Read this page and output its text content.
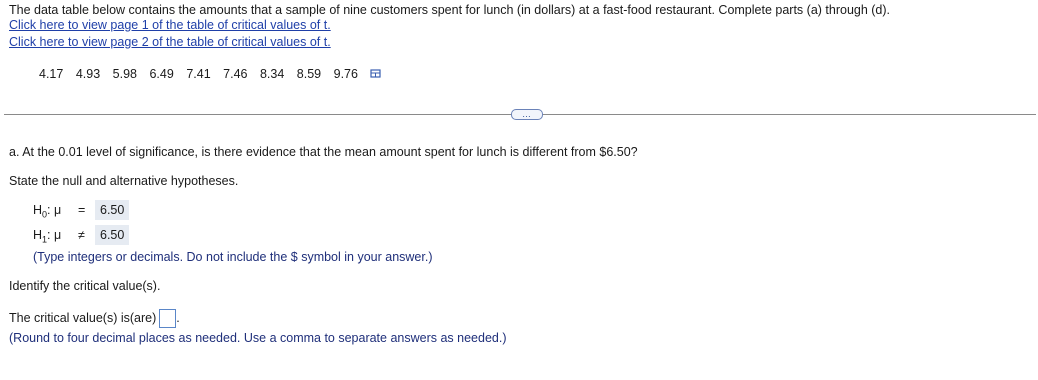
The data table below contains the amounts that a sample of nine customers spent for lunch (in dollars) at a fast-food restaurant. Complete parts (a) through (d).
Click here to view page 1 of the table of critical values of t.
Click here to view page 2 of the table of critical values of t.
4.17 4.93 5.98 6.49 7.41 7.46 8.34 8.59 9.76
…
a. At the 0.01 level of significance, is there evidence that the mean amount spent for lunch is different from $6.50?
State the null and alternative hypotheses.
$H_0$: μ =	6.50
$H_1$: μ ≠	6.50
(Type integers or decimals. Do not include the $ symbol in your answer.)
Identify the critical value(s).
The critical value(s) is(are) .
(Round to four decimal places as needed. Use a comma to separate answers as needed.)
